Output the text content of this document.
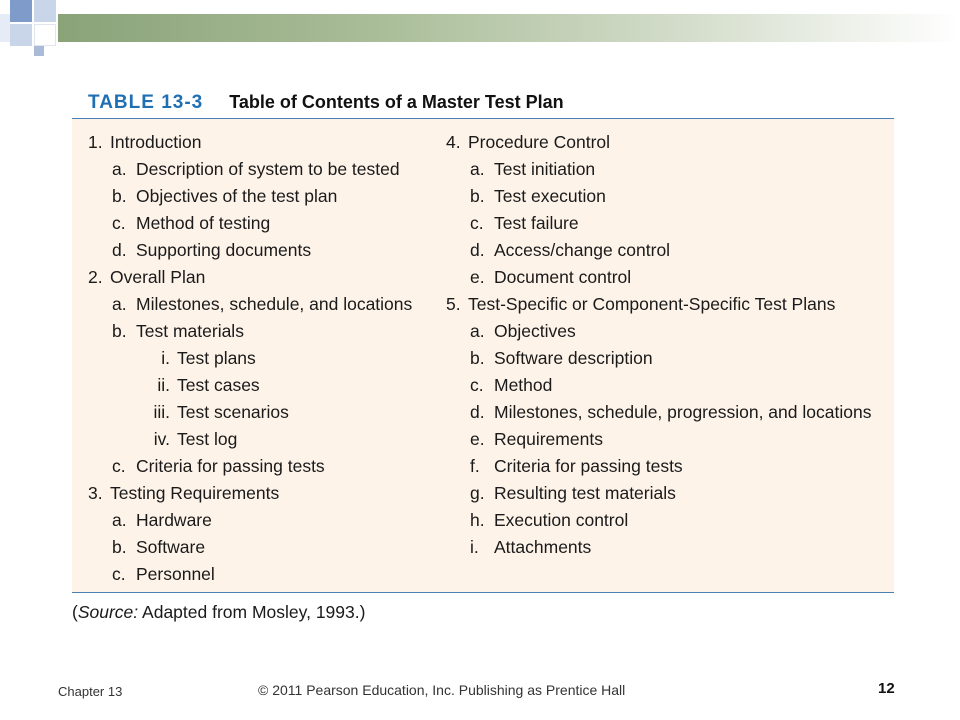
TABLE 13-3 Table of Contents of a Master Test Plan
1. Introduction
a. Description of system to be tested
b. Objectives of the test plan
c. Method of testing
d. Supporting documents
2. Overall Plan
a. Milestones, schedule, and locations
b. Test materials
i. Test plans
ii. Test cases
iii. Test scenarios
iv. Test log
c. Criteria for passing tests
3. Testing Requirements
a. Hardware
b. Software
c. Personnel
4. Procedure Control
a. Test initiation
b. Test execution
c. Test failure
d. Access/change control
e. Document control
5. Test-Specific or Component-Specific Test Plans
a. Objectives
b. Software description
c. Method
d. Milestones, schedule, progression, and locations
e. Requirements
f. Criteria for passing tests
g. Resulting test materials
h. Execution control
i. Attachments
(Source: Adapted from Mosley, 1993.)
Chapter 13	© 2011 Pearson Education, Inc. Publishing as Prentice Hall	12
